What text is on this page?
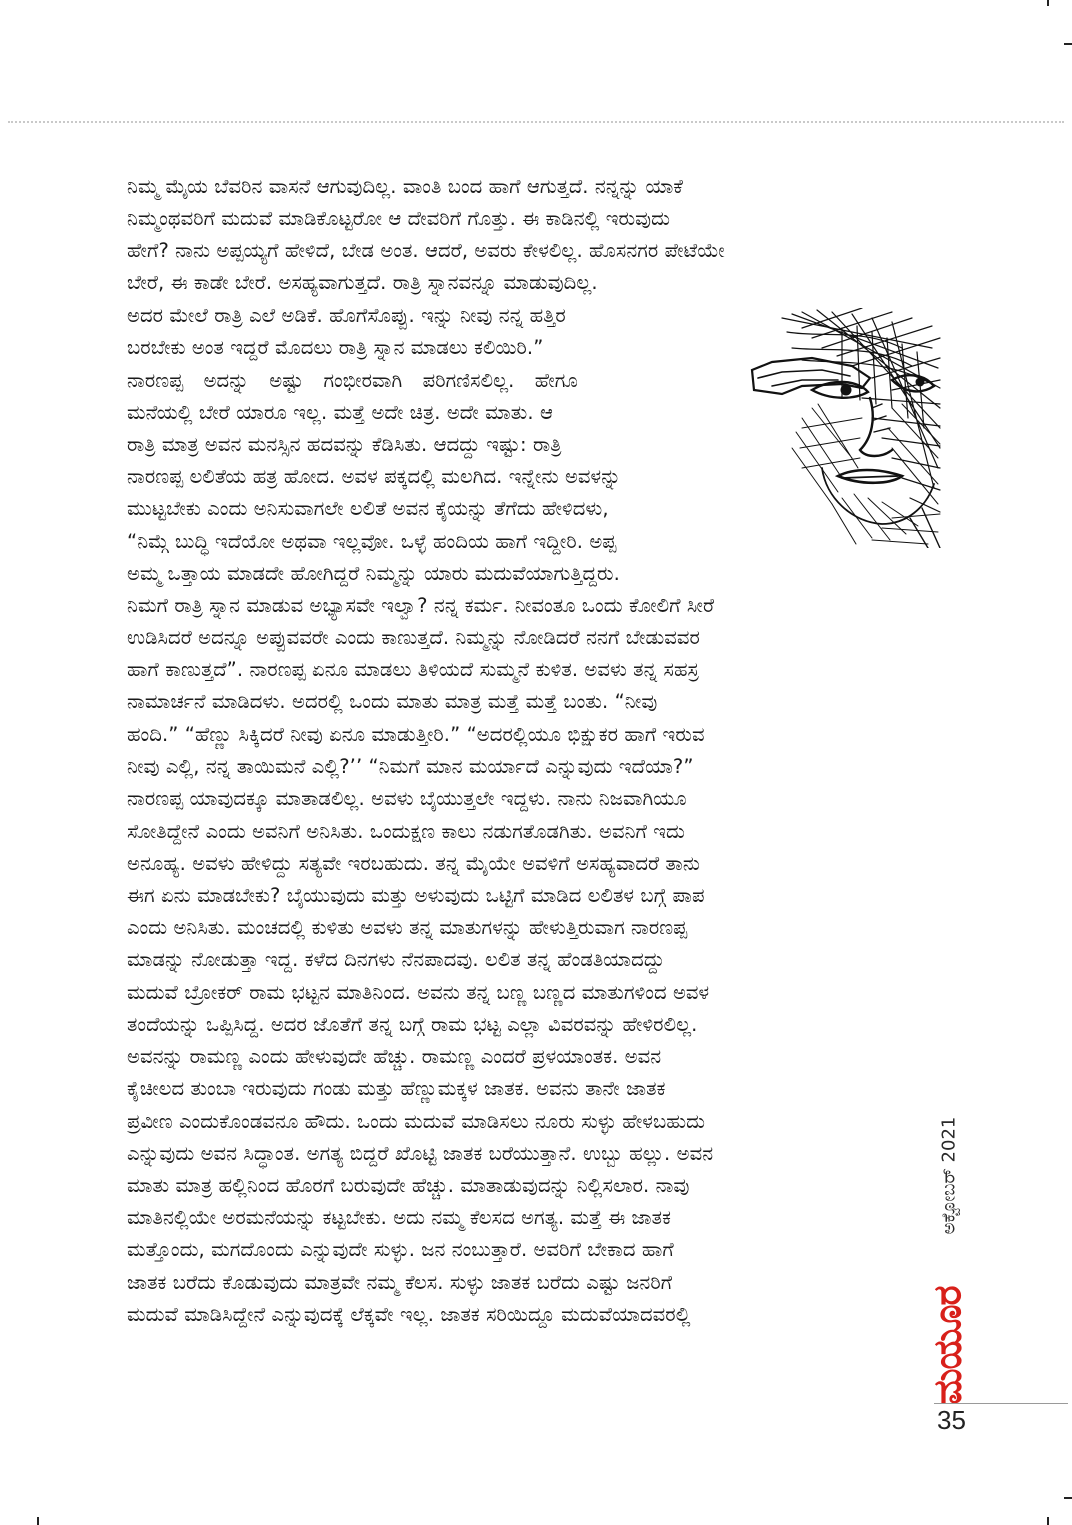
ನಿಮ್ಮ ಮೈಯ ಬೆವರಿನ ವಾಸನೆ ಆಗುವುದಿಲ್ಲ. ವಾಂತಿ ಬಂದ ಹಾಗೆ ಆಗುತ್ತದೆ. ನನ್ನನ್ನು ಯಾಕೆ
ನಿಮ್ಮಂಥವರಿಗೆ ಮದುವೆ ಮಾಡಿಕೊಟ್ಟರೋ ಆ ದೇವರಿಗೆ ಗೊತ್ತು. ಈ ಕಾಡಿನಲ್ಲಿ ಇರುವುದು
ಹೇಗೆ? ನಾನು ಅಪ್ಪಯ್ಯಗೆ ಹೇಳಿದೆ, ಬೇಡ ಅಂತ. ಆದರೆ, ಅವರು ಕೇಳಲಿಲ್ಲ. ಹೊಸನಗರ ಪೇಟೆಯೇ
ಬೇರೆ, ಈ ಕಾಡೇ ಬೇರೆ. ಅಸಹ್ಯವಾಗುತ್ತದೆ. ರಾತ್ರಿ ಸ್ನಾನವನ್ನೂ ಮಾಡುವುದಿಲ್ಲ.
ಅದರ ಮೇಲೆ ರಾತ್ರಿ ಎಲೆ ಅಡಿಕೆ. ಹೊಗೆಸೊಪ್ಪು. ಇನ್ನು ನೀವು ನನ್ನ ಹತ್ತಿರ
ಬರಬೇಕು ಅಂತ ಇದ್ದರೆ ಮೊದಲು ರಾತ್ರಿ ಸ್ನಾನ ಮಾಡಲು ಕಲಿಯಿರಿ.”
ನಾರಣಪ್ಪ ಅದನ್ನು ಅಷ್ಟು ಗಂಭೀರವಾಗಿ ಪರಿಗಣಿಸಲಿಲ್ಲ. ಹೇಗೂ
ಮನೆಯಲ್ಲಿ ಬೇರೆ ಯಾರೂ ಇಲ್ಲ. ಮತ್ತೆ ಅದೇ ಚಿತ್ರ. ಅದೇ ಮಾತು. ಆ
ರಾತ್ರಿ ಮಾತ್ರ ಅವನ ಮನಸ್ಸಿನ ಹದವನ್ನು ಕೆಡಿಸಿತು. ಆದದ್ದು ಇಷ್ಟು: ರಾತ್ರಿ
ನಾರಣಪ್ಪ ಲಲಿತೆಯ ಹತ್ರ ಹೋದ. ಅವಳ ಪಕ್ಕದಲ್ಲಿ ಮಲಗಿದ. ಇನ್ನೇನು ಅವಳನ್ನು
ಮುಟ್ಟಬೇಕು ಎಂದು ಅನಿಸುವಾಗಲೇ ಲಲಿತೆ ಅವನ ಕೈಯನ್ನು ತೆಗೆದು ಹೇಳಿದಳು,
“ನಿಮ್ಗೆ ಬುದ್ಧಿ ಇದೆಯೋ ಅಥವಾ ಇಲ್ಲವೋ. ಒಳ್ಳೆ ಹಂದಿಯ ಹಾಗೆ ಇದ್ದೀರಿ. ಅಪ್ಪ
ಅಮ್ಮ ಒತ್ತಾಯ ಮಾಡದೇ ಹೋಗಿದ್ದರೆ ನಿಮ್ಮನ್ನು ಯಾರು ಮದುವೆಯಾಗುತ್ತಿದ್ದರು.
ನಿಮಗೆ ರಾತ್ರಿ ಸ್ನಾನ ಮಾಡುವ ಅಭ್ಯಾಸವೇ ಇಲ್ವಾ? ನನ್ನ ಕರ್ಮ. ನೀವಂತೂ ಒಂದು ಕೋಲಿಗೆ ಸೀರೆ
ಉಡಿಸಿದರೆ ಅದನ್ನೂ ಅಪ್ಪುವವರೇ ಎಂದು ಕಾಣುತ್ತದೆ. ನಿಮ್ಮನ್ನು ನೋಡಿದರೆ ನನಗೆ ಬೇಡುವವರ
ಹಾಗೆ ಕಾಣುತ್ತದೆ”. ನಾರಣಪ್ಪ ಏನೂ ಮಾಡಲು ತಿಳಿಯದೆ ಸುಮ್ಮನೆ ಕುಳಿತ. ಅವಳು ತನ್ನ ಸಹಸ್ರ
ನಾಮಾರ್ಚನೆ ಮಾಡಿದಳು. ಅದರಲ್ಲಿ ಒಂದು ಮಾತು ಮಾತ್ರ ಮತ್ತೆ ಮತ್ತೆ ಬಂತು. “ನೀವು
ಹಂದಿ.” “ಹೆಣ್ಣು ಸಿಕ್ಕಿದರೆ ನೀವು ಏನೂ ಮಾಡುತ್ತೀರಿ.” “ಅದರಲ್ಲಿಯೂ ಭಿಕ್ಷುಕರ ಹಾಗೆ ಇರುವ
ನೀವು ಎಲ್ಲಿ, ನನ್ನ ತಾಯಿಮನೆ ಎಲ್ಲಿ?’’ “ನಿಮಗೆ ಮಾನ ಮರ್ಯಾದೆ ಎನ್ನುವುದು ಇದೆಯಾ?”
ನಾರಣಪ್ಪ ಯಾವುದಕ್ಕೂ ಮಾತಾಡಲಿಲ್ಲ. ಅವಳು ಬೈಯುತ್ತಲೇ ಇದ್ದಳು. ನಾನು ನಿಜವಾಗಿಯೂ
ಸೋತಿದ್ದೇನೆ ಎಂದು ಅವನಿಗೆ ಅನಿಸಿತು. ಒಂದುಕ್ಷಣ ಕಾಲು ನಡುಗತೊಡಗಿತು. ಅವನಿಗೆ ಇದು
ಅನೂಹ್ಯ. ಅವಳು ಹೇಳಿದ್ದು ಸತ್ಯವೇ ಇರಬಹುದು. ತನ್ನ ಮೈಯೇ ಅವಳಿಗೆ ಅಸಹ್ಯವಾದರೆ ತಾನು
ಈಗ ಏನು ಮಾಡಬೇಕು? ಬೈಯುವುದು ಮತ್ತು ಅಳುವುದು ಒಟ್ಟಿಗೆ ಮಾಡಿದ ಲಲಿತಳ ಬಗ್ಗೆ ಪಾಪ
ಎಂದು ಅನಿಸಿತು. ಮಂಚದಲ್ಲಿ ಕುಳಿತು ಅವಳು ತನ್ನ ಮಾತುಗಳನ್ನು ಹೇಳುತ್ತಿರುವಾಗ ನಾರಣಪ್ಪ
ಮಾಡನ್ನು ನೋಡುತ್ತಾ ಇದ್ದ. ಕಳೆದ ದಿನಗಳು ನೆನಪಾದವು. ಲಲಿತ ತನ್ನ ಹೆಂಡತಿಯಾದದ್ದು
ಮದುವೆ ಬ್ರೋಕರ್ ರಾಮ ಭಟ್ಟನ ಮಾತಿನಿಂದ. ಅವನು ತನ್ನ ಬಣ್ಣ ಬಣ್ಣದ ಮಾತುಗಳಿಂದ ಅವಳ
ತಂದೆಯನ್ನು ಒಪ್ಪಿಸಿದ್ದ. ಅದರ ಜೊತೆಗೆ ತನ್ನ ಬಗ್ಗೆ ರಾಮ ಭಟ್ಟ ಎಲ್ಲಾ ವಿವರವನ್ನು ಹೇಳಿರಲಿಲ್ಲ.
ಅವನನ್ನು ರಾಮಣ್ಣ ಎಂದು ಹೇಳುವುದೇ ಹೆಚ್ಚು. ರಾಮಣ್ಣ ಎಂದರೆ ಪ್ರಳಯಾಂತಕ. ಅವನ
ಕೈಚೀಲದ ತುಂಬಾ ಇರುವುದು ಗಂಡು ಮತ್ತು ಹೆಣ್ಣುಮಕ್ಕಳ ಜಾತಕ. ಅವನು ತಾನೇ ಜಾತಕ
ಪ್ರವೀಣ ಎಂದುಕೊಂಡವನೂ ಹೌದು. ಒಂದು ಮದುವೆ ಮಾಡಿಸಲು ನೂರು ಸುಳ್ಳು ಹೇಳಬಹುದು
ಎನ್ನುವುದು ಅವನ ಸಿದ್ಧಾಂತ. ಅಗತ್ಯ ಬಿದ್ದರೆ ಖೊಟ್ಟಿ ಜಾತಕ ಬರೆಯುತ್ತಾನೆ. ಉಬ್ಬು ಹಲ್ಲು. ಅವನ
ಮಾತು ಮಾತ್ರ ಹಲ್ಲಿನಿಂದ ಹೊರಗೆ ಬರುವುದೇ ಹೆಚ್ಚು. ಮಾತಾಡುವುದನ್ನು ನಿಲ್ಲಿಸಲಾರ. ನಾವು
ಮಾತಿನಲ್ಲಿಯೇ ಅರಮನೆಯನ್ನು ಕಟ್ಟಬೇಕು. ಅದು ನಮ್ಮ ಕೆಲಸದ ಅಗತ್ಯ. ಮತ್ತೆ ಈ ಜಾತಕ
ಮತ್ತೊಂದು, ಮಗದೊಂದು ಎನ್ನುವುದೇ ಸುಳ್ಳು. ಜನ ನಂಬುತ್ತಾರೆ. ಅವರಿಗೆ ಬೇಕಾದ ಹಾಗೆ
ಜಾತಕ ಬರೆದು ಕೊಡುವುದು ಮಾತ್ರವೇ ನಮ್ಮ ಕೆಲಸ. ಸುಳ್ಳು ಜಾತಕ ಬರೆದು ಎಷ್ಟು ಜನರಿಗೆ
ಮದುವೆ ಮಾಡಿಸಿದ್ದೇನೆ ಎನ್ನುವುದಕ್ಕೆ ಲೆಕ್ಕವೇ ಇಲ್ಲ. ಜಾತಕ ಸರಿಯಿದ್ದೂ ಮದುವೆಯಾದವರಲ್ಲಿ
ಅಕ್ಟೋಬರ್ 2021
ಮಯೂರ
35
